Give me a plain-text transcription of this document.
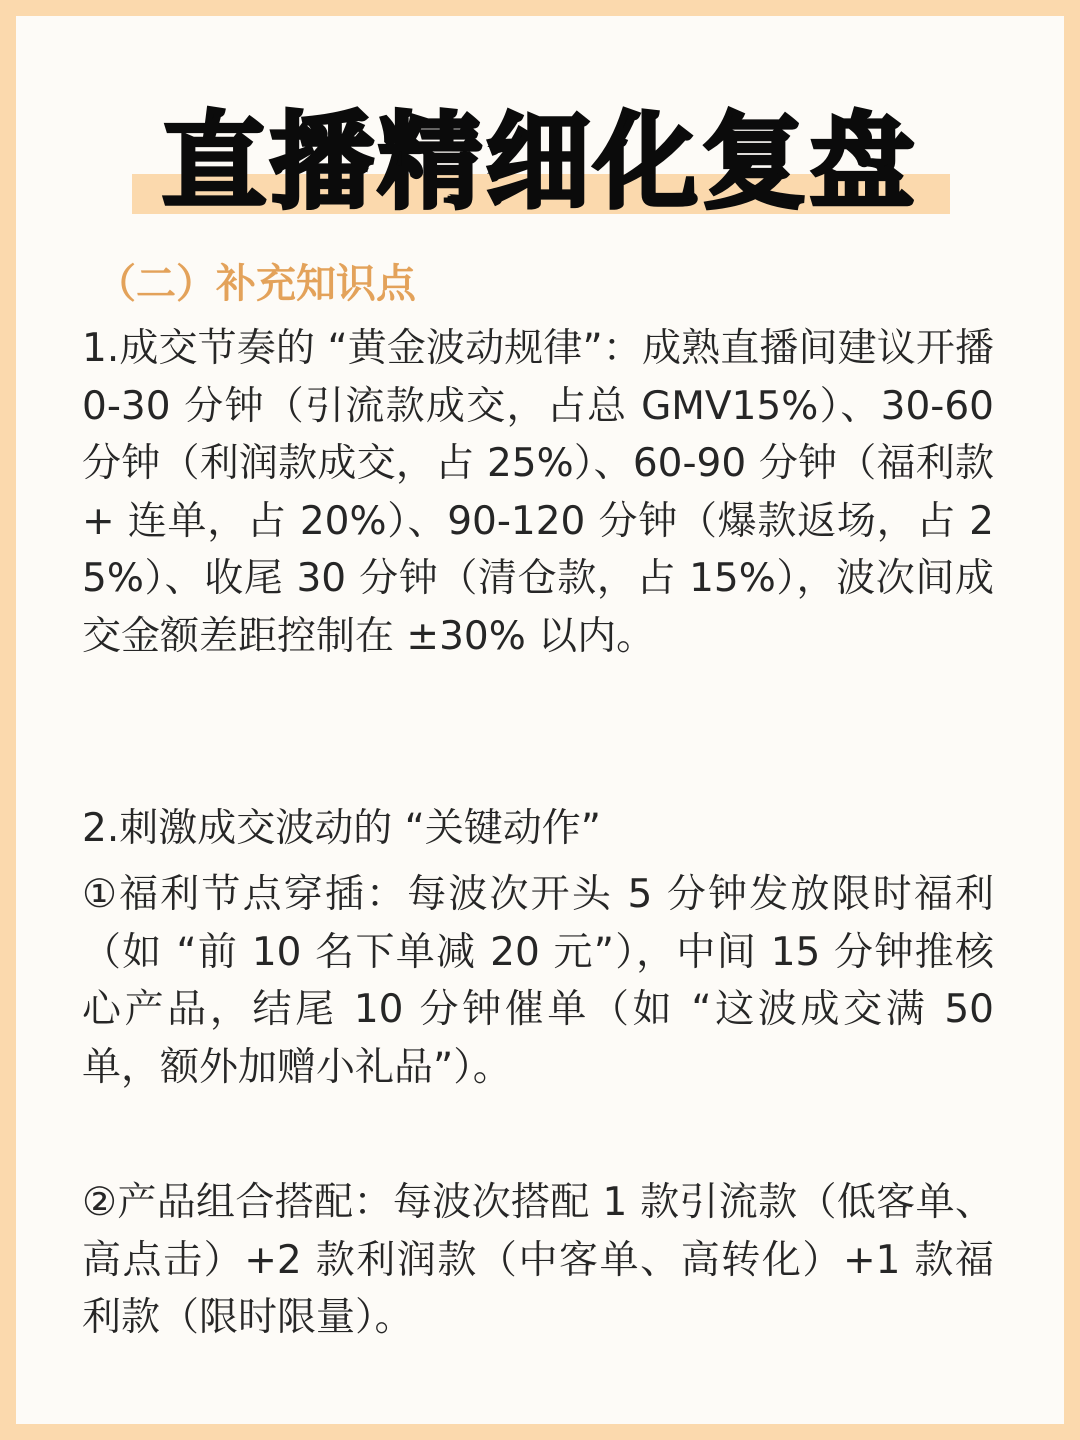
直播精细化复盘
（二）补充知识点
1.成交节奏的 “黄金波动规律”：成熟直播间建议开播 0-30 分钟（引流款成交，占总 GMV15%）、30-60 分钟（利润款成交，占 25%）、60-90 分钟（福利款 + 连单，占 20%）、90-120 分钟（爆款返场，占 25%）、收尾 30 分钟（清仓款，占 15%），波次间成交金额差距控制在 ±30% 以内。
2.刺激成交波动的 “关键动作”
①福利节点穿插：每波次开头 5 分钟发放限时福利（如 “前 10 名下单减 20 元”），中间 15 分钟推核心产品，结尾 10 分钟催单（如 “这波成交满 50 单，额外加赠小礼品”）。
②产品组合搭配：每波次搭配 1 款引流款（低客单、高点击）+2 款利润款（中客单、高转化）+1 款福利款（限时限量）。
